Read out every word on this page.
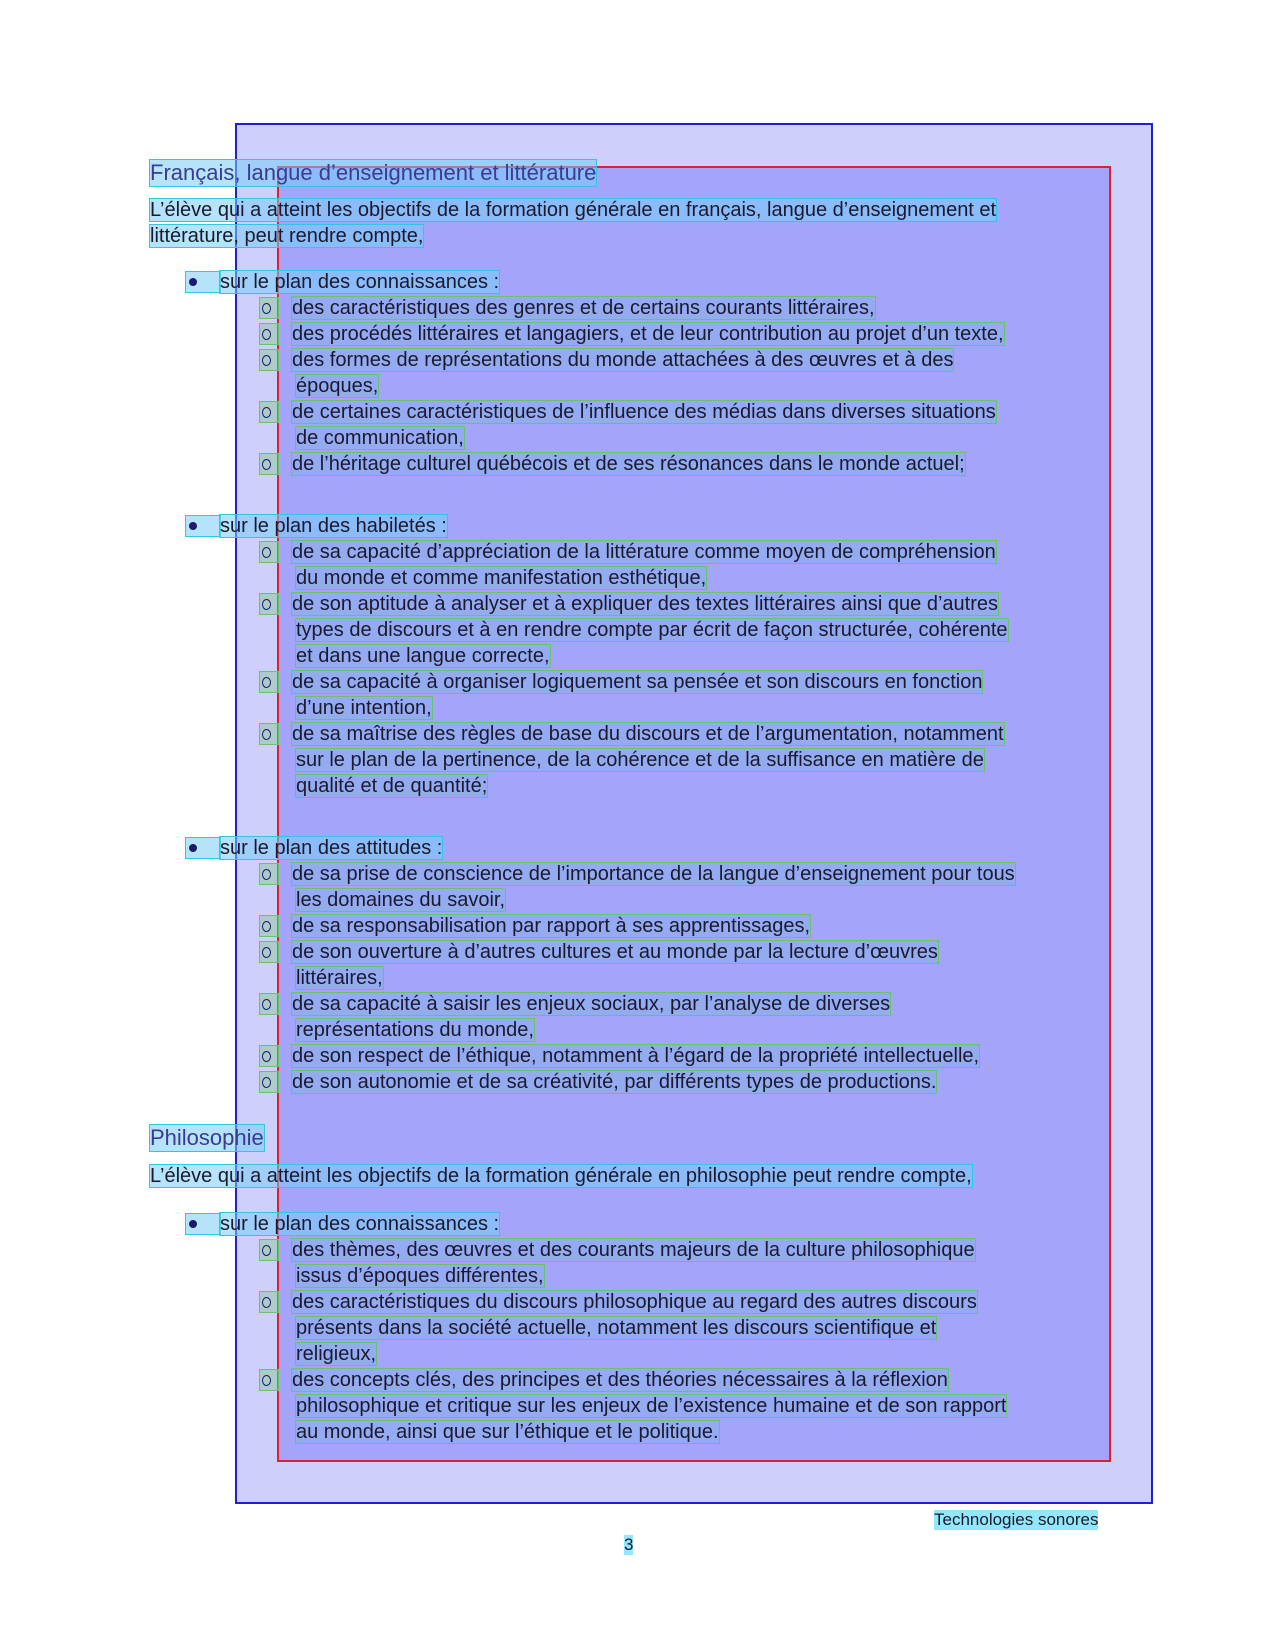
Français, langue d’enseignement et littérature
L’élève qui a atteint les objectifs de la formation générale en français, langue d’enseignement et
littérature, peut rendre compte,
sur le plan des connaissances :
des caractéristiques des genres et de certains courants littéraires,
des procédés littéraires et langagiers, et de leur contribution au projet d’un texte,
des formes de représentations du monde attachées à des œuvres et à des
époques,
de certaines caractéristiques de l’influence des médias dans diverses situations
de communication,
de l’héritage culturel québécois et de ses résonances dans le monde actuel;
sur le plan des habiletés :
de sa capacité d’appréciation de la littérature comme moyen de compréhension
du monde et comme manifestation esthétique,
de son aptitude à analyser et à expliquer des textes littéraires ainsi que d’autres
types de discours et à en rendre compte par écrit de façon structurée, cohérente
et dans une langue correcte,
de sa capacité à organiser logiquement sa pensée et son discours en fonction
d’une intention,
de sa maîtrise des règles de base du discours et de l’argumentation, notamment
sur le plan de la pertinence, de la cohérence et de la suffisance en matière de
qualité et de quantité;
sur le plan des attitudes :
de sa prise de conscience de l’importance de la langue d’enseignement pour tous
les domaines du savoir,
de sa responsabilisation par rapport à ses apprentissages,
de son ouverture à d’autres cultures et au monde par la lecture d’œuvres
littéraires,
de sa capacité à saisir les enjeux sociaux, par l’analyse de diverses
représentations du monde,
de son respect de l’éthique, notamment à l’égard de la propriété intellectuelle,
de son autonomie et de sa créativité, par différents types de productions.
Philosophie
L’élève qui a atteint les objectifs de la formation générale en philosophie peut rendre compte,
sur le plan des connaissances :
des thèmes, des œuvres et des courants majeurs de la culture philosophique
issus d’époques différentes,
des caractéristiques du discours philosophique au regard des autres discours
présents dans la société actuelle, notamment les discours scientifique et
religieux,
des concepts clés, des principes et des théories nécessaires à la réflexion
philosophique et critique sur les enjeux de l’existence humaine et de son rapport
au monde, ainsi que sur l’éthique et le politique.
Technologies sonores
3
